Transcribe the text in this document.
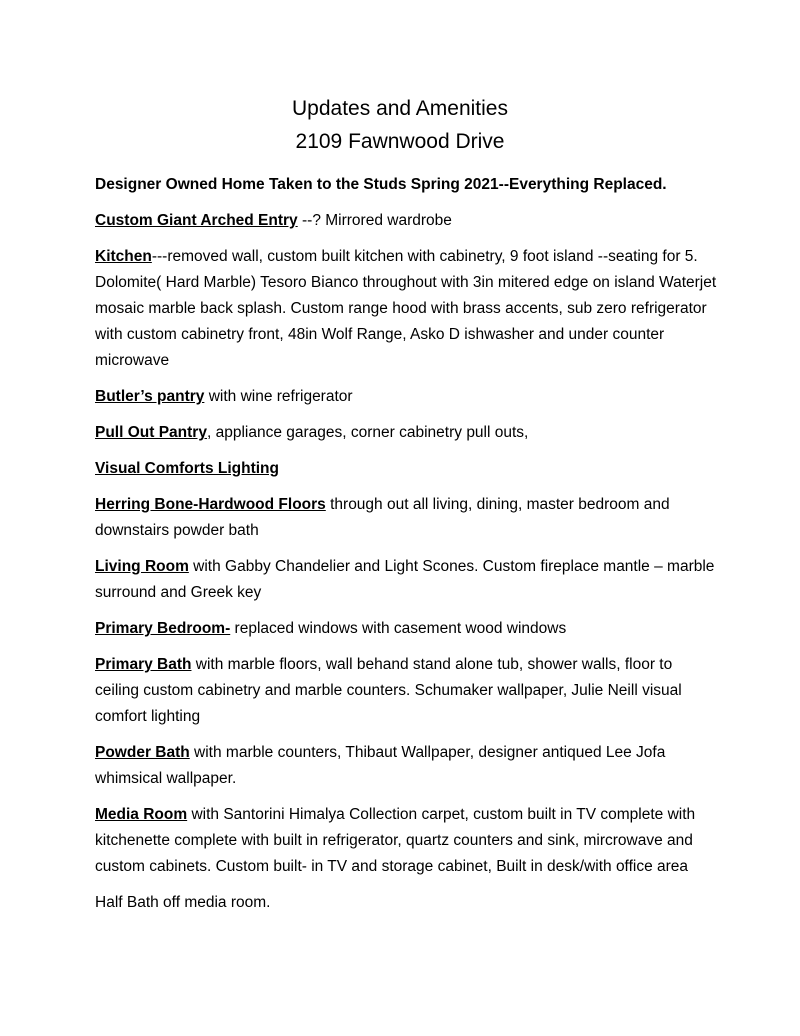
Updates and Amenities

2109 Fawnwood Drive

Designer Owned Home Taken to the Studs Spring 2021--Everything Replaced.

Custom Giant Arched Entry --? Mirrored wardrobe

Kitchen---removed wall, custom built kitchen with cabinetry, 9 foot island --seating for 5. Dolomite( Hard Marble) Tesoro Bianco throughout with 3in mitered edge on island Waterjet mosaic marble back splash. Custom range hood with brass accents, sub zero refrigerator with custom cabinetry front, 48in Wolf Range, Asko D ishwasher and under counter microwave

Butler’s pantry with wine refrigerator

Pull Out Pantry, appliance garages, corner cabinetry pull outs,

Visual Comforts Lighting

Herring Bone-Hardwood Floors through out all living, dining, master bedroom and downstairs powder bath

Living Room with Gabby Chandelier and Light Scones. Custom fireplace mantle – marble surround and Greek key

Primary Bedroom- replaced windows with casement wood windows

Primary Bath with marble floors, wall behand stand alone tub, shower walls, floor to ceiling custom cabinetry and marble counters. Schumaker wallpaper, Julie Neill visual comfort lighting

Powder Bath with marble counters, Thibaut Wallpaper, designer antiqued Lee Jofa whimsical wallpaper.

Media Room with Santorini Himalya Collection carpet, custom built in TV complete with kitchenette complete with built in refrigerator, quartz counters and sink, mircrowave and custom cabinets. Custom built- in TV and storage cabinet, Built in desk/with office area

Half Bath off media room.
